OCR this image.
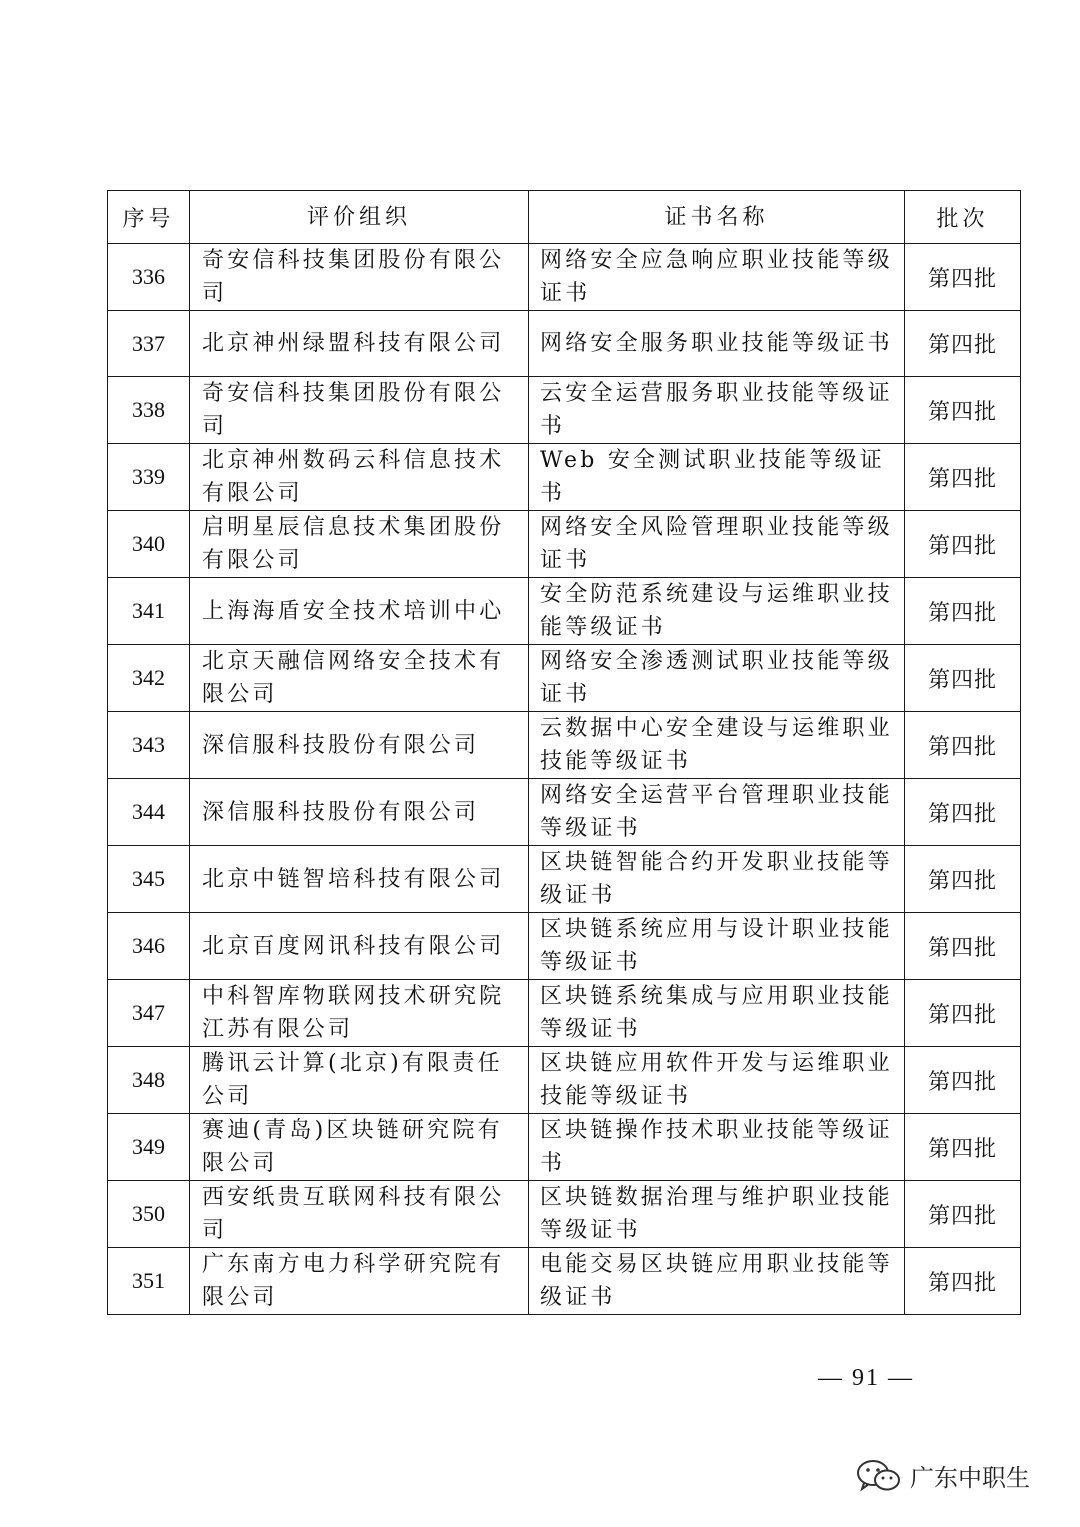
序号	评价组织	证书名称	批次
336	奇安信科技集团股份有限公司	网络安全应急响应职业技能等级证书	第四批
337	北京神州绿盟科技有限公司	网络安全服务职业技能等级证书	第四批
338	奇安信科技集团股份有限公司	云安全运营服务职业技能等级证书	第四批
339	北京神州数码云科信息技术有限公司	Web 安全测试职业技能等级证书	第四批
340	启明星辰信息技术集团股份有限公司	网络安全风险管理职业技能等级证书	第四批
341	上海海盾安全技术培训中心	安全防范系统建设与运维职业技能等级证书	第四批
342	北京天融信网络安全技术有限公司	网络安全渗透测试职业技能等级证书	第四批
343	深信服科技股份有限公司	云数据中心安全建设与运维职业技能等级证书	第四批
344	深信服科技股份有限公司	网络安全运营平台管理职业技能等级证书	第四批
345	北京中链智培科技有限公司	区块链智能合约开发职业技能等级证书	第四批
346	北京百度网讯科技有限公司	区块链系统应用与设计职业技能等级证书	第四批
347	中科智库物联网技术研究院江苏有限公司	区块链系统集成与应用职业技能等级证书	第四批
348	腾讯云计算(北京)有限责任公司	区块链应用软件开发与运维职业技能等级证书	第四批
349	赛迪(青岛)区块链研究院有限公司	区块链操作技术职业技能等级证书	第四批
350	西安纸贵互联网科技有限公司	区块链数据治理与维护职业技能等级证书	第四批
351	广东南方电力科学研究院有限公司	电能交易区块链应用职业技能等级证书	第四批
— 91 —
广东中职生
